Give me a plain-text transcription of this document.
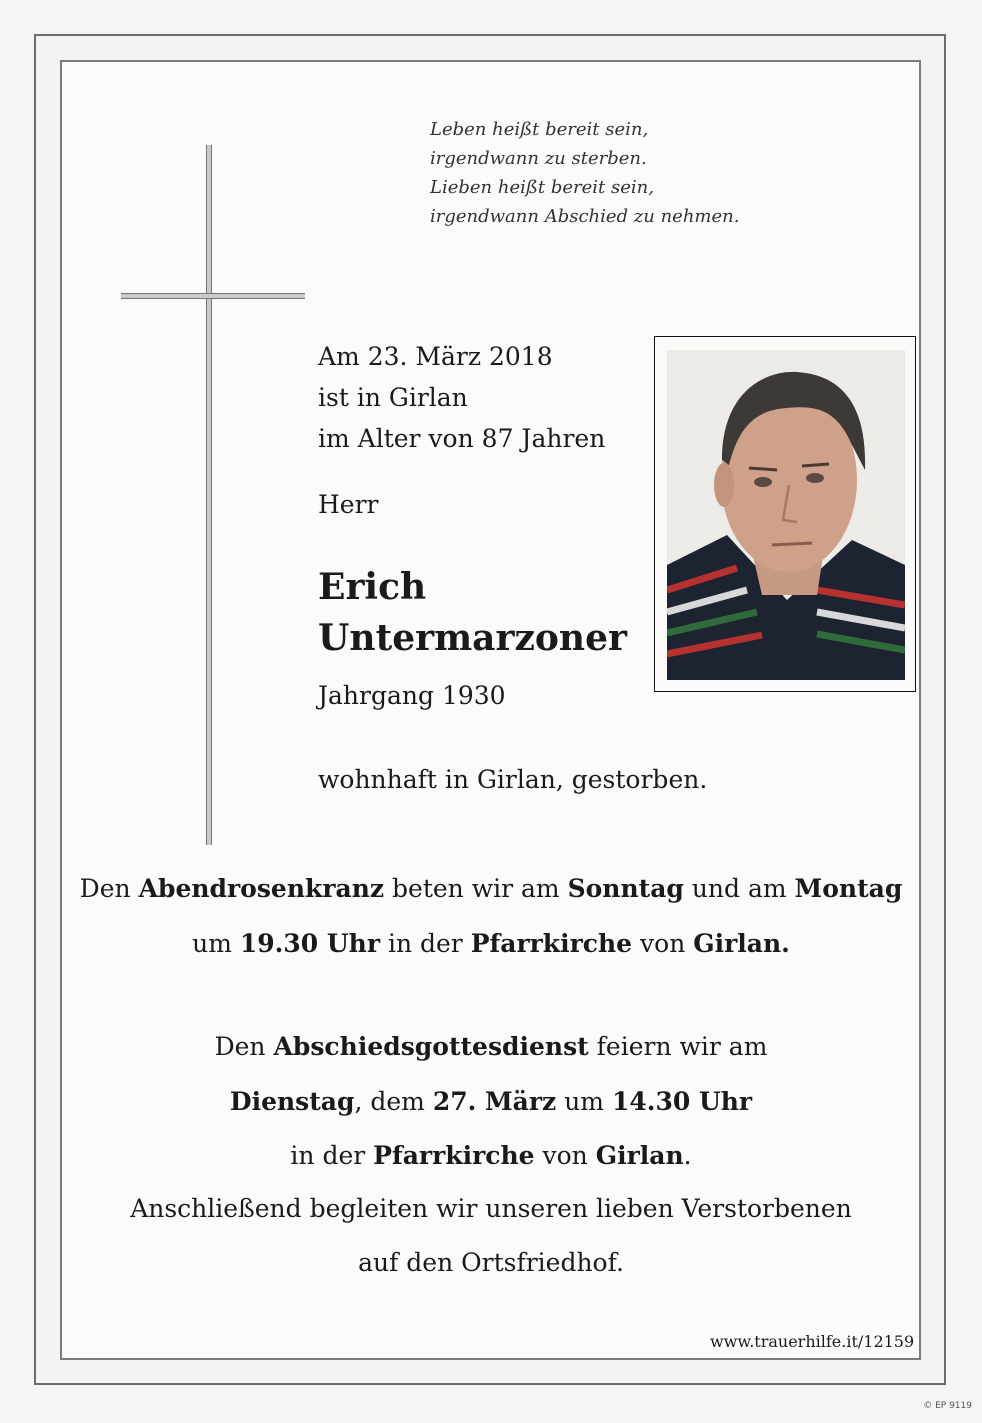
Leben heißt bereit sein,
irgendwann zu sterben.
Lieben heißt bereit sein,
irgendwann Abschied zu nehmen.
Am 23. März 2018
ist in Girlan
im Alter von 87 Jahren
Herr
Erich
Untermarzoner
Jahrgang 1930
wohnhaft in Girlan, gestorben.
Den Abendrosenkranz beten wir am Sonntag und am Montag
um 19.30 Uhr in der Pfarrkirche von Girlan.
Den Abschiedsgottesdienst feiern wir am
Dienstag, dem 27. März um 14.30 Uhr
in der Pfarrkirche von Girlan.
Anschließend begleiten wir unseren lieben Verstorbenen
auf den Ortsfriedhof.
www.trauerhilfe.it/12159
© EP 9119
